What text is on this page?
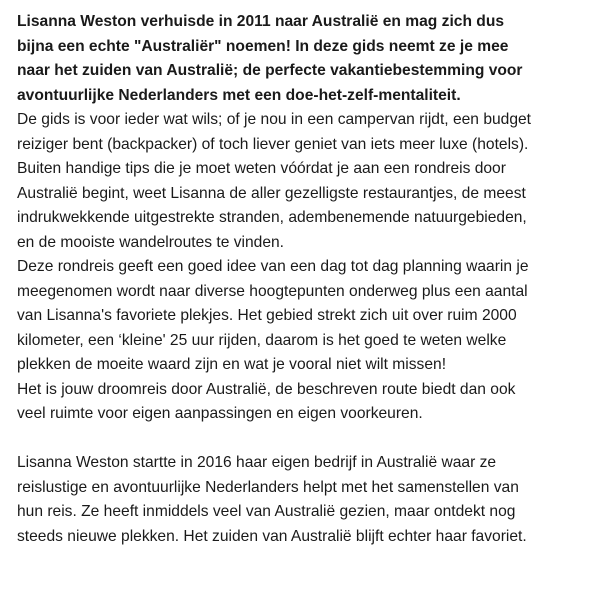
Lisanna Weston verhuisde in 2011 naar Australië en mag zich dus
bijna een echte "Australiër" noemen! In deze gids neemt ze je mee
naar het zuiden van Australië; de perfecte vakantiebestemming voor
avontuurlijke Nederlanders met een doe-het-zelf-mentaliteit.
De gids is voor ieder wat wils; of je nou in een campervan rijdt, een budget
reiziger bent (backpacker) of toch liever geniet van iets meer luxe (hotels).
Buiten handige tips die je moet weten vóórdat je aan een rondreis door
Australië begint, weet Lisanna de aller gezelligste restaurantjes, de meest
indrukwekkende uitgestrekte stranden, adembenemende natuurgebieden,
en de mooiste wandelroutes te vinden.
Deze rondreis geeft een goed idee van een dag tot dag planning waarin je
meegenomen wordt naar diverse hoogtepunten onderweg plus een aantal
van Lisanna's favoriete plekjes. Het gebied strekt zich uit over ruim 2000
kilometer, een ‘kleine' 25 uur rijden, daarom is het goed te weten welke
plekken de moeite waard zijn en wat je vooral niet wilt missen!
Het is jouw droomreis door Australië, de beschreven route biedt dan ook
veel ruimte voor eigen aanpassingen en eigen voorkeuren.
Lisanna Weston startte in 2016 haar eigen bedrijf in Australië waar ze
reislustige en avontuurlijke Nederlanders helpt met het samenstellen van
hun reis. Ze heeft inmiddels veel van Australië gezien, maar ontdekt nog
steeds nieuwe plekken. Het zuiden van Australië blijft echter haar favoriet.
